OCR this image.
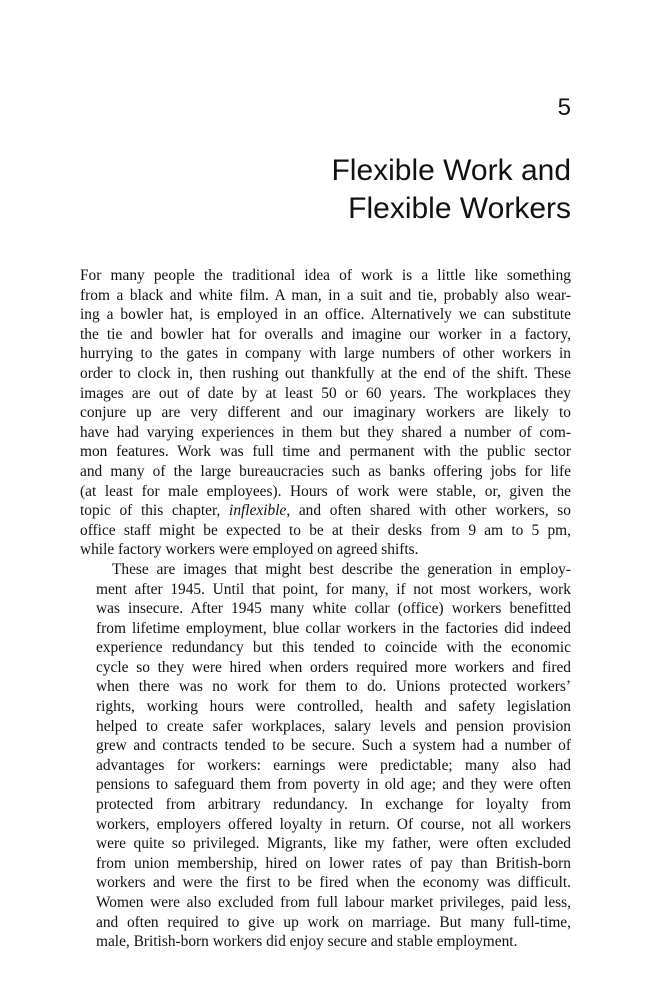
5
Flexible Work and
Flexible Workers

For many people the traditional idea of work is a little like something
from a black and white film. A man, in a suit and tie, probably also wear-
ing a bowler hat, is employed in an office. Alternatively we can substitute
the tie and bowler hat for overalls and imagine our worker in a factory,
hurrying to the gates in company with large numbers of other workers in
order to clock in, then rushing out thankfully at the end of the shift. These
images are out of date by at least 50 or 60 years. The workplaces they
conjure up are very different and our imaginary workers are likely to
have had varying experiences in them but they shared a number of com-
mon features. Work was full time and permanent with the public sector
and many of the large bureaucracies such as banks offering jobs for life
(at least for male employees). Hours of work were stable, or, given the
topic of this chapter, inflexible, and often shared with other workers, so
office staff might be expected to be at their desks from 9 am to 5 pm,
while factory workers were employed on agreed shifts.

These are images that might best describe the generation in employ-
ment after 1945. Until that point, for many, if not most workers, work
was insecure. After 1945 many white collar (office) workers benefitted
from lifetime employment, blue collar workers in the factories did indeed
experience redundancy but this tended to coincide with the economic
cycle so they were hired when orders required more workers and fired
when there was no work for them to do. Unions protected workers’
rights, working hours were controlled, health and safety legislation
helped to create safer workplaces, salary levels and pension provision
grew and contracts tended to be secure. Such a system had a number of
advantages for workers: earnings were predictable; many also had
pensions to safeguard them from poverty in old age; and they were often
protected from arbitrary redundancy. In exchange for loyalty from
workers, employers offered loyalty in return. Of course, not all workers
were quite so privileged. Migrants, like my father, were often excluded
from union membership, hired on lower rates of pay than British-born
workers and were the first to be fired when the economy was difficult.
Women were also excluded from full labour market privileges, paid less,
and often required to give up work on marriage. But many full-time,
male, British-born workers did enjoy secure and stable employment.
